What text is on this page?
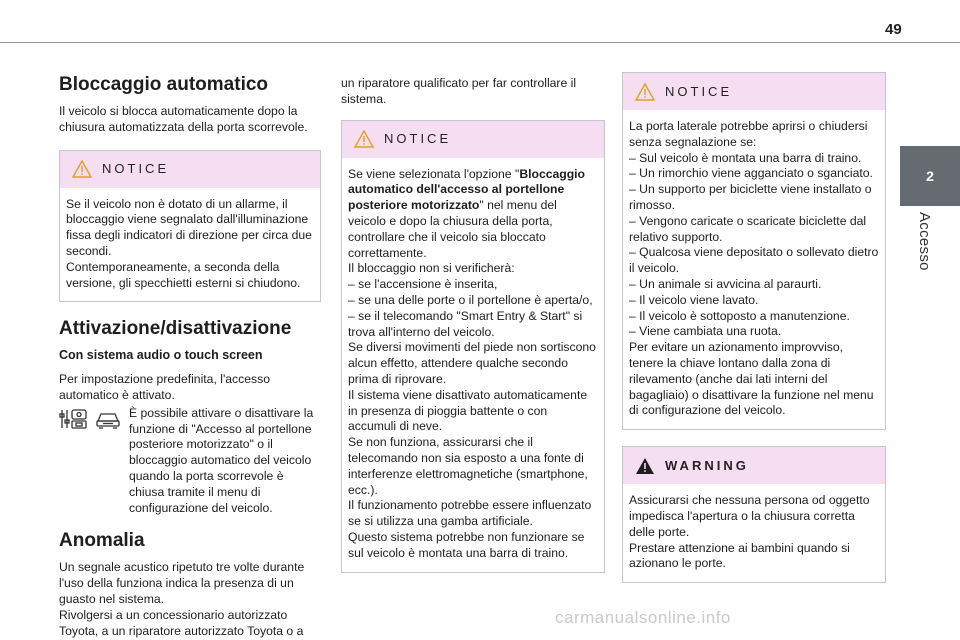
49
2
Accesso
Bloccaggio automatico

Il veicolo si blocca automaticamente dopo la chiusura automatizzata della porta scorrevole.

NOTICE

Se il veicolo non è dotato di un allarme, il bloccaggio viene segnalato dall'illuminazione fissa degli indicatori di direzione per circa due secondi.

Contemporaneamente, a seconda della versione, gli specchietti esterni si chiudono.

Attivazione/disattivazione
Con sistema audio o touch screen

Per impostazione predefinita, l'accesso automatico è attivato.

È possibile attivare o disattivare la funzione di "Accesso al portellone posteriore motorizzato" o il bloccaggio automatico del veicolo quando la porta scorrevole è chiusa tramite il menu di configurazione del veicolo.

Anomalia

Un segnale acustico ripetuto tre volte durante l'uso della funziona indica la presenza di un guasto nel sistema.

Rivolgersi a un concessionario autorizzato Toyota, a un riparatore autorizzato Toyota o a

un riparatore qualificato per far controllare il sistema.

NOTICE

Se viene selezionata l'opzione "Bloccaggio automatico dell'accesso al portellone posteriore motorizzato" nel menu del veicolo e dopo la chiusura della porta, controllare che il veicolo sia bloccato correttamente.

Il bloccaggio non si verificherà:

– se l'accensione è inserita,

– se una delle porte o il portellone è aperta/o,

– se il telecomando "Smart Entry & Start" si trova all'interno del veicolo.

Se diversi movimenti del piede non sortiscono alcun effetto, attendere qualche secondo prima di riprovare.

Il sistema viene disattivato automaticamente in presenza di pioggia battente o con accumuli di neve.

Se non funziona, assicurarsi che il telecomando non sia esposto a una fonte di interferenze elettromagnetiche (smartphone, ecc.).

Il funzionamento potrebbe essere influenzato se si utilizza una gamba artificiale.

Questo sistema potrebbe non funzionare se sul veicolo è montata una barra di traino.

NOTICE

La porta laterale potrebbe aprirsi o chiudersi senza segnalazione se:

– Sul veicolo è montata una barra di traino.

– Un rimorchio viene agganciato o sganciato.

– Un supporto per biciclette viene installato o rimosso.

– Vengono caricate o scaricate biciclette dal relativo supporto.

– Qualcosa viene depositato o sollevato dietro il veicolo.

– Un animale si avvicina al paraurti.

– Il veicolo viene lavato.

– Il veicolo è sottoposto a manutenzione.

– Viene cambiata una ruota.

Per evitare un azionamento improvviso, tenere la chiave lontano dalla zona di rilevamento (anche dai lati interni del bagagliaio) o disattivare la funzione nel menu di configurazione del veicolo.

WARNING

Assicurarsi che nessuna persona od oggetto impedisca l'apertura o la chiusura corretta delle porte.

Prestare attenzione ai bambini quando si azionano le porte.

carmanualsonline.info
